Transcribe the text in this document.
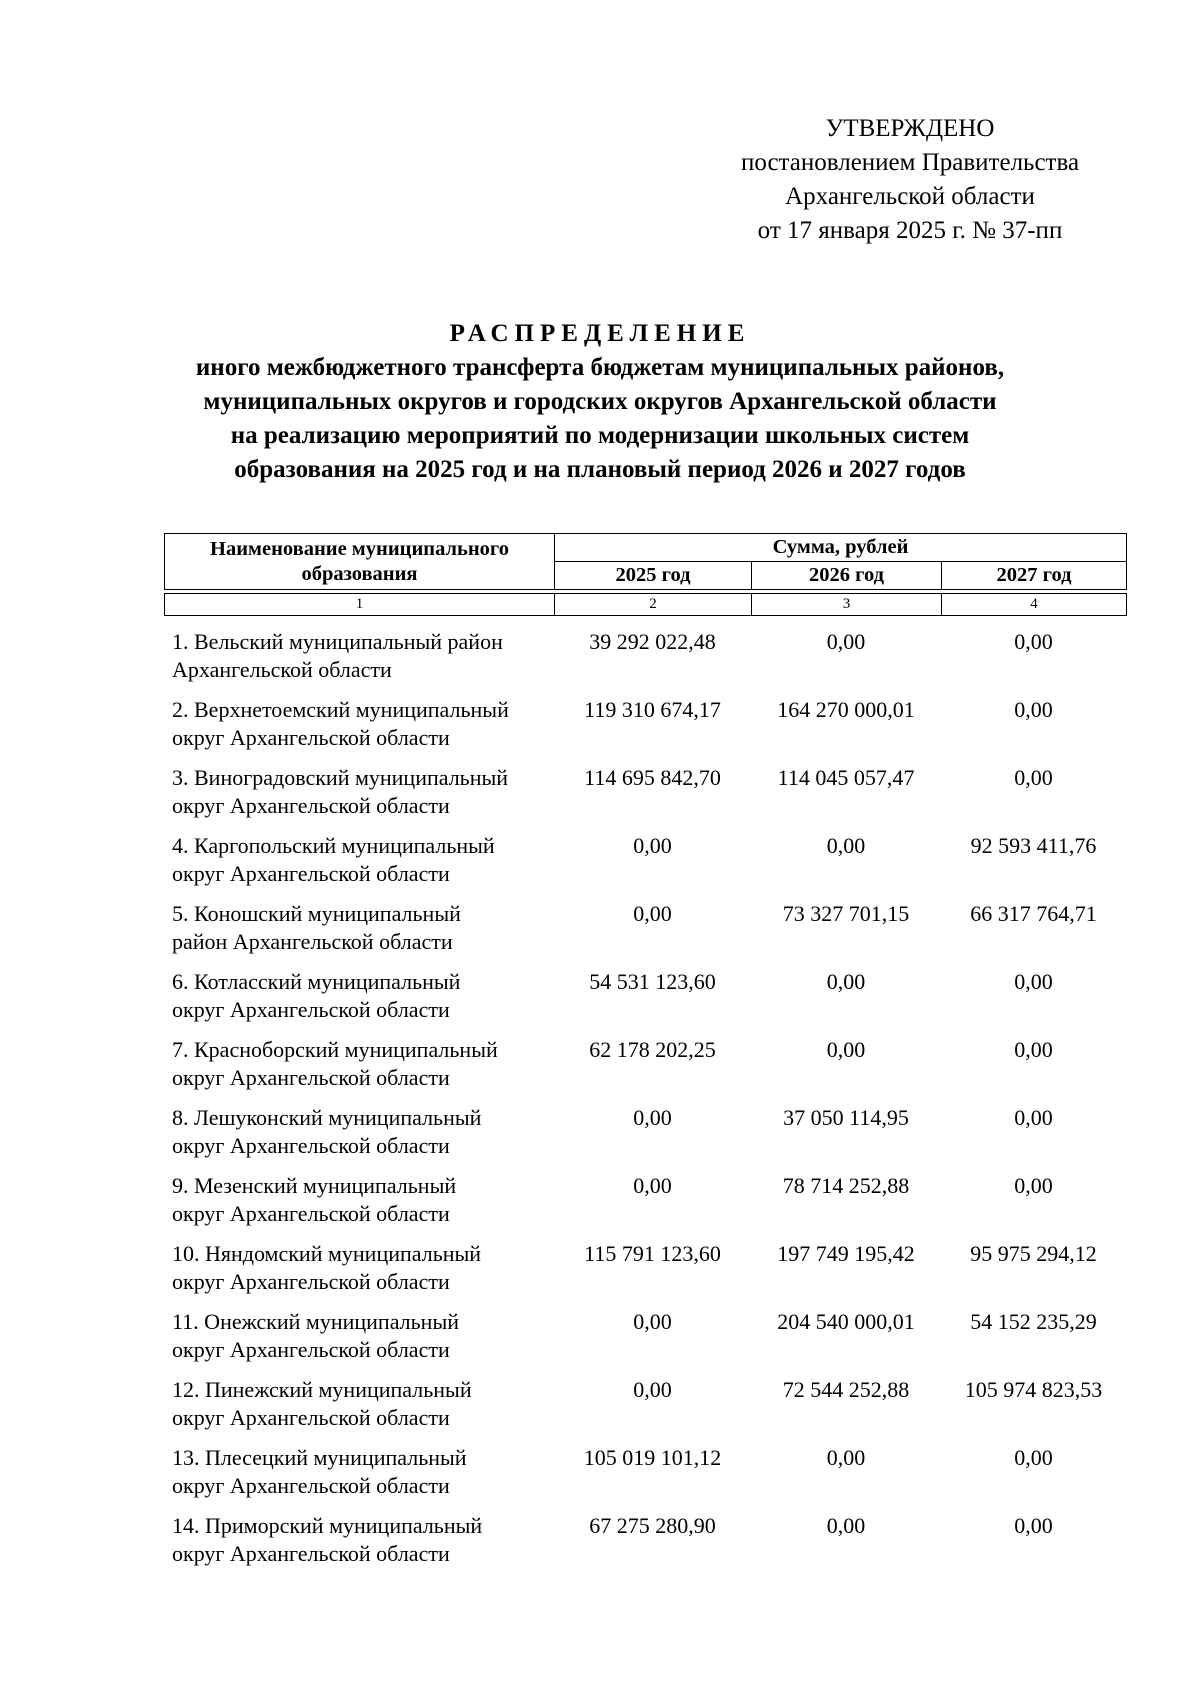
УТВЕРЖДЕНО
постановлением Правительства
Архангельской области
от 17 января 2025 г. № 37-пп
РАСПРЕДЕЛЕНИЕ
иного межбюджетного трансферта бюджетам муниципальных районов,
муниципальных округов и городских округов Архангельской области
на реализацию мероприятий по модернизации школьных систем
образования на 2025 год и на плановый период 2026 и 2027 годов
Наименование муниципального
образования	Сумма, рублей		
	2025 год	2026 год	2027 год
1	2	3	4
1. Вельский муниципальный район
Архангельской области
39 292 022,48	0,00	0,00
2. Верхнетоемский муниципальный
округ Архангельской области
119 310 674,17	164 270 000,01	0,00
3. Виноградовский муниципальный
округ Архангельской области
114 695 842,70	114 045 057,47	0,00
4. Каргопольский муниципальный
округ Архангельской области
0,00	0,00	92 593 411,76
5. Коношский муниципальный
район Архангельской области
0,00	73 327 701,15	66 317 764,71
6. Котласский муниципальный
округ Архангельской области
54 531 123,60	0,00	0,00
7. Красноборский муниципальный
округ Архангельской области
62 178 202,25	0,00	0,00
8. Лешуконский муниципальный
округ Архангельской области
0,00	37 050 114,95	0,00
9. Мезенский муниципальный
округ Архангельской области
0,00	78 714 252,88	0,00
10. Няндомский муниципальный
округ Архангельской области
115 791 123,60	197 749 195,42	95 975 294,12
11. Онежский муниципальный
округ Архангельской области
0,00	204 540 000,01	54 152 235,29
12. Пинежский муниципальный
округ Архангельской области
0,00	72 544 252,88	105 974 823,53
13. Плесецкий муниципальный
округ Архангельской области
105 019 101,12	0,00	0,00
14. Приморский муниципальный
округ Архангельской области
67 275 280,90	0,00	0,00
